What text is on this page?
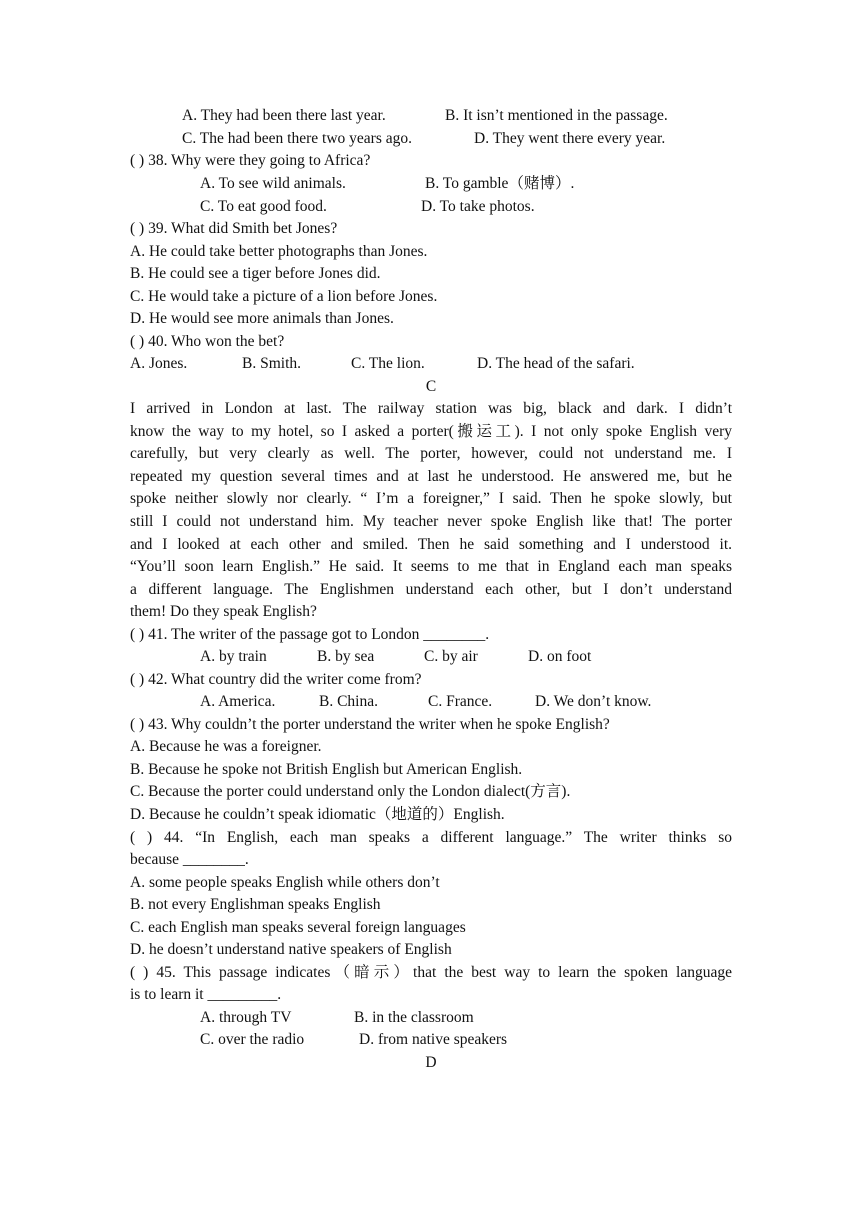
A. They had been there last year.	B. It isn’t mentioned in the passage.
C. The had been there two years ago.	D. They went there every year.
( ) 38. Why were they going to Africa?
A. To see wild animals.	B. To gamble（赌博）.
C. To eat good food.	D. To take photos.
( ) 39. What did Smith bet Jones?
A. He could take better photographs than Jones.
B. He could see a tiger before Jones did.
C. He would take a picture of a lion before Jones.
D. He would see more animals than Jones.
( ) 40. Who won the bet?
A. Jones.	B. Smith.	C. The lion.	D. The head of the safari.
C
I arrived in London at last. The railway station was big, black and dark. I didn’t
know the way to my hotel, so I asked a porter(搬运工). I not only spoke English very
carefully, but very clearly as well. The porter, however, could not understand me. I
repeated my question several times and at last he understood. He answered me, but he
spoke neither slowly nor clearly. “ I’m a foreigner,” I said. Then he spoke slowly, but
still I could not understand him. My teacher never spoke English like that! The porter
and I looked at each other and smiled. Then he said something and I understood it.
“You’ll soon learn English.” He said. It seems to me that in England each man speaks
a different language. The Englishmen understand each other, but I don’t understand
them! Do they speak English?
( ) 41. The writer of the passage got to London ________.
A. by train	B. by sea	C. by air	D. on foot
( ) 42. What country did the writer come from?
A. America.	B. China.	C. France.	D. We don’t know.
( ) 43. Why couldn’t the porter understand the writer when he spoke English?
A. Because he was a foreigner.
B. Because he spoke not British English but American English.
C. Because the porter could understand only the London dialect(方言).
D. Because he couldn’t speak idiomatic（地道的）English.
( ) 44. “In English, each man speaks a different language.” The writer thinks so
because ________.
A. some people speaks English while others don’t
B. not every Englishman speaks English
C. each English man speaks several foreign languages
D. he doesn’t understand native speakers of English
( ) 45. This passage indicates（暗示）that the best way to learn the spoken language
is to learn it _________.
A. through TV	B. in the classroom
C. over the radio	D. from native speakers
D
